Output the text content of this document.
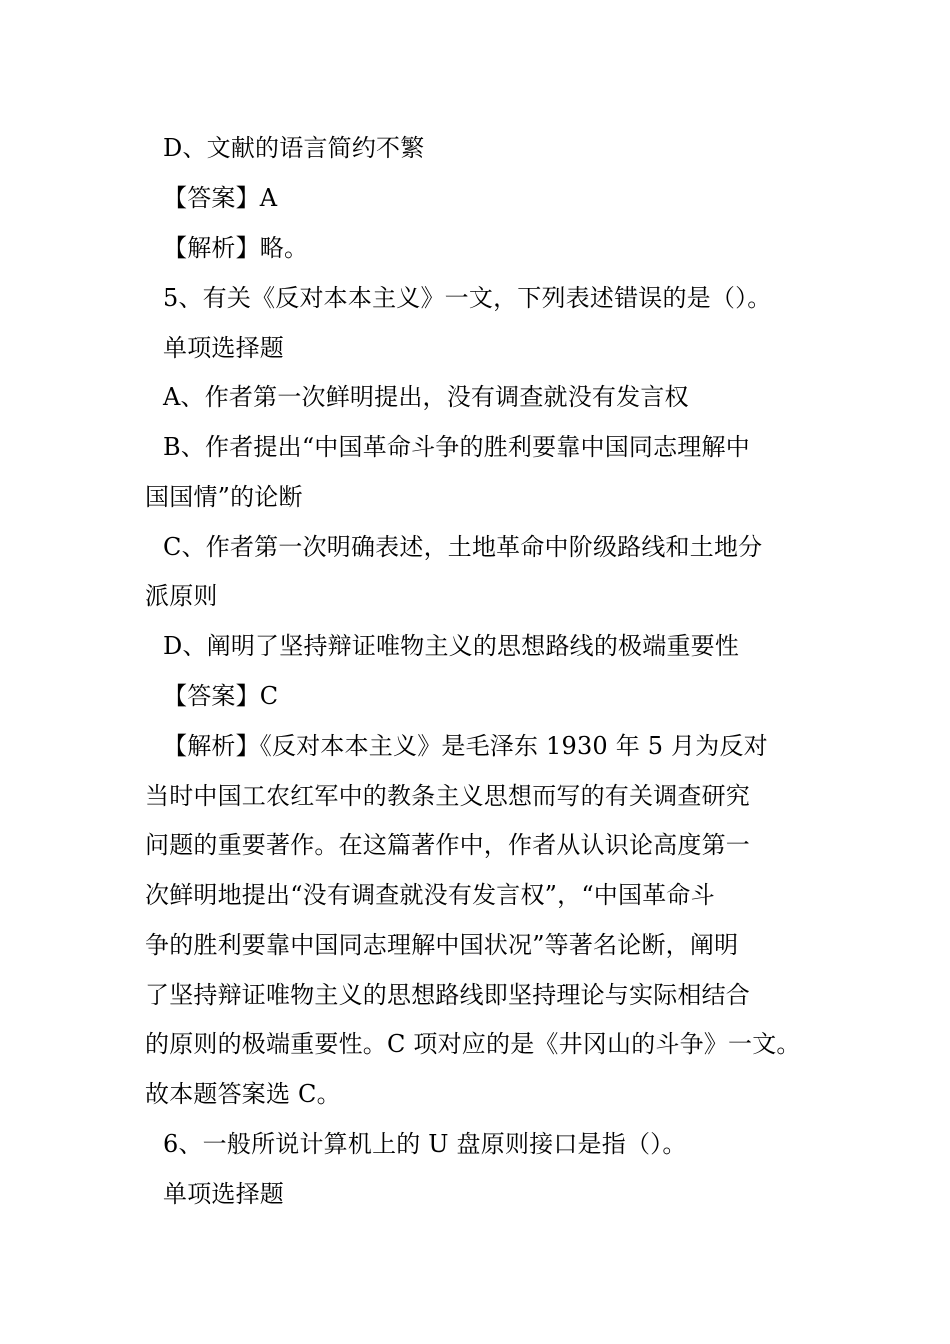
D、文献的语言简约不繁
【答案】A
【解析】略。
5、有关《反对本本主义》一文，下列表述错误的是（）。
单项选择题
A、作者第一次鲜明提出，没有调查就没有发言权
B、作者提出“中国革命斗争的胜利要靠中国同志理解中
国国情”的论断
C、作者第一次明确表述，土地革命中阶级路线和土地分
派原则
D、阐明了坚持辩证唯物主义的思想路线的极端重要性
【答案】C
【解析】《反对本本主义》是毛泽东 1930 年 5 月为反对
当时中国工农红军中的教条主义思想而写的有关调查研究
问题的重要著作。在这篇著作中，作者从认识论高度第一
次鲜明地提出“没有调查就没有发言权”，“中国革命斗
争的胜利要靠中国同志理解中国状况”等著名论断，阐明
了坚持辩证唯物主义的思想路线即坚持理论与实际相结合
的原则的极端重要性。C 项对应的是《井冈山的斗争》一文。
故本题答案选 C。
6、一般所说计算机上的 U 盘原则接口是指（）。
单项选择题
